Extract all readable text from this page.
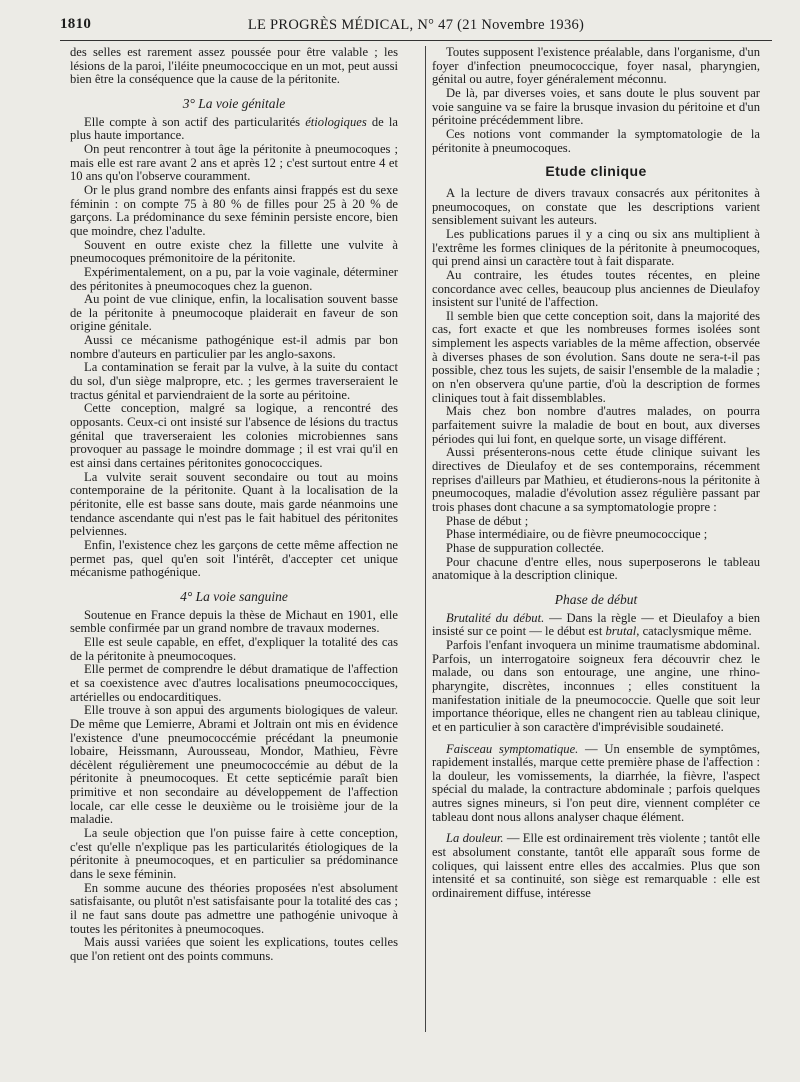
1810	LE PROGRÈS MÉDICAL, N° 47 (21 Novembre 1936)

des selles est rarement assez poussée pour être valable ; les lésions de la paroi, l'iléite pneumococcique en un mot, peut aussi bien être la conséquence que la cause de la péritonite.

3° La voie génitale

Elle compte à son actif des particularités étiologiques de la plus haute importance.

On peut rencontrer à tout âge la péritonite à pneumocoques ; mais elle est rare avant 2 ans et après 12 ; c'est surtout entre 4 et 10 ans qu'on l'observe couramment.

Or le plus grand nombre des enfants ainsi frappés est du sexe féminin : on compte 75 à 80 % de filles pour 25 à 20 % de garçons. La prédominance du sexe féminin persiste encore, bien que moindre, chez l'adulte.

Souvent en outre existe chez la fillette une vulvite à pneumocoques prémonitoire de la péritonite.

Expérimentalement, on a pu, par la voie vaginale, déterminer des péritonites à pneumocoques chez la guenon.

Au point de vue clinique, enfin, la localisation souvent basse de la péritonite à pneumocoque plaiderait en faveur de son origine génitale.

Aussi ce mécanisme pathogénique est-il admis par bon nombre d'auteurs en particulier par les anglo-saxons.

La contamination se ferait par la vulve, à la suite du contact du sol, d'un siège malpropre, etc. ; les germes traverseraient le tractus génital et parviendraient de la sorte au péritoine.

Cette conception, malgré sa logique, a rencontré des opposants. Ceux-ci ont insisté sur l'absence de lésions du tractus génital que traverseraient les colonies microbiennes sans provoquer au passage le moindre dommage ; il est vrai qu'il en est ainsi dans certaines péritonites gonococciques.

La vulvite serait souvent secondaire ou tout au moins contemporaine de la péritonite. Quant à la localisation de la péritonite, elle est basse sans doute, mais garde néanmoins une tendance ascendante qui n'est pas le fait habituel des péritonites pelviennes.

Enfin, l'existence chez les garçons de cette même affection ne permet pas, quel qu'en soit l'intérêt, d'accepter cet unique mécanisme pathogénique.

4° La voie sanguine

Soutenue en France depuis la thèse de Michaut en 1901, elle semble confirmée par un grand nombre de travaux modernes.

Elle est seule capable, en effet, d'expliquer la totalité des cas de la péritonite à pneumocoques.

Elle permet de comprendre le début dramatique de l'affection et sa coexistence avec d'autres localisations pneumococciques, artérielles ou endocarditiques.

Elle trouve à son appui des arguments biologiques de valeur. De même que Lemierre, Abrami et Joltrain ont mis en évidence l'existence d'une pneumococcémie précédant la pneumonie lobaire, Heissmann, Aurousseau, Mondor, Mathieu, Fèvre décèlent régulièrement une pneumococcémie au début de la péritonite à pneumocoques. Et cette septicémie paraît bien primitive et non secondaire au développement de l'affection locale, car elle cesse le deuxième ou le troisième jour de la maladie.

La seule objection que l'on puisse faire à cette conception, c'est qu'elle n'explique pas les particularités étiologiques de la péritonite à pneumocoques, et en particulier sa prédominance dans le sexe féminin.

En somme aucune des théories proposées n'est absolument satisfaisante, ou plutôt n'est satisfaisante pour la totalité des cas ; il ne faut sans doute pas admettre une pathogénie univoque à toutes les péritonites à pneumocoques.

Mais aussi variées que soient les explications, toutes celles que l'on retient ont des points communs.

Toutes supposent l'existence préalable, dans l'organisme, d'un foyer d'infection pneumococcique, foyer nasal, pharyngien, génital ou autre, foyer généralement méconnu.

De là, par diverses voies, et sans doute le plus souvent par voie sanguine va se faire la brusque invasion du péritoine et d'un péritoine précédemment libre.

Ces notions vont commander la symptomatologie de la péritonite à pneumocoques.

Etude clinique

A la lecture de divers travaux consacrés aux péritonites à pneumocoques, on constate que les descriptions varient sensiblement suivant les auteurs.

Les publications parues il y a cinq ou six ans multiplient à l'extrême les formes cliniques de la péritonite à pneumocoques, qui prend ainsi un caractère tout à fait disparate.

Au contraire, les études toutes récentes, en pleine concordance avec celles, beaucoup plus anciennes de Dieulafoy insistent sur l'unité de l'affection.

Il semble bien que cette conception soit, dans la majorité des cas, fort exacte et que les nombreuses formes isolées sont simplement les aspects variables de la même affection, observée à diverses phases de son évolution. Sans doute ne sera-t-il pas possible, chez tous les sujets, de saisir l'ensemble de la maladie ; on n'en observera qu'une partie, d'où la description de formes cliniques tout à fait dissemblables.

Mais chez bon nombre d'autres malades, on pourra parfaitement suivre la maladie de bout en bout, aux diverses périodes qui lui font, en quelque sorte, un visage différent.

Aussi présenterons-nous cette étude clinique suivant les directives de Dieulafoy et de ses contemporains, récemment reprises d'ailleurs par Mathieu, et étudierons-nous la péritonite à pneumocoques, maladie d'évolution assez régulière passant par trois phases dont chacune a sa symptomatologie propre :

Phase de début ;
Phase intermédiaire, ou de fièvre pneumococcique ;
Phase de suppuration collectée.

Pour chacune d'entre elles, nous superposerons le tableau anatomique à la description clinique.

Phase de début

Brutalité du début. — Dans la règle — et Dieulafoy a bien insisté sur ce point — le début est brutal, cataclysmique même.

Parfois l'enfant invoquera un minime traumatisme abdominal. Parfois, un interrogatoire soigneux fera découvrir chez le malade, ou dans son entourage, une angine, une rhino-pharyngite, discrètes, inconnues ; elles constituent la manifestation initiale de la pneumococcie. Quelle que soit leur importance théorique, elles ne changent rien au tableau clinique, et en particulier à son caractère d'imprévisible soudaineté.

Faisceau symptomatique. — Un ensemble de symptômes, rapidement installés, marque cette première phase de l'affection : la douleur, les vomissements, la diarrhée, la fièvre, l'aspect spécial du malade, la contracture abdominale ; parfois quelques autres signes mineurs, si l'on peut dire, viennent compléter ce tableau dont nous allons analyser chaque élément.

La douleur. — Elle est ordinairement très violente ; tantôt elle est absolument constante, tantôt elle apparaît sous forme de coliques, qui laissent entre elles des accalmies. Plus que son intensité et sa continuité, son siège est remarquable : elle est ordinairement diffuse, intéresse
